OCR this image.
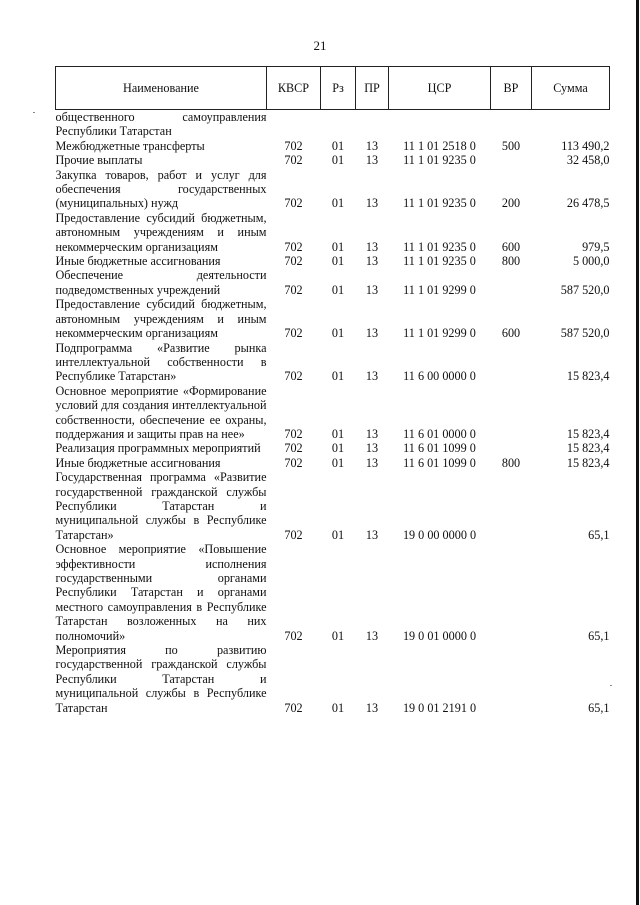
21
Наименование	КВСР	Рз	ПР	ЦСР	ВР	Сумма
общественного самоуправления Республики Татарстан						
Межбюджетные трансферты	702	01	13	11 1 01 2518 0	500	113 490,2
Прочие выплаты	702	01	13	11 1 01 9235 0		32 458,0
Закупка товаров, работ и услуг для обеспечения государственных (муниципальных) нужд	702	01	13	11 1 01 9235 0	200	26 478,5
Предоставление субсидий бюджетным, автономным учреждениям и иным некоммерческим организациям	702	01	13	11 1 01 9235 0	600	979,5
Иные бюджетные ассигнования	702	01	13	11 1 01 9235 0	800	5 000,0
Обеспечение деятельности подведомственных учреждений	702	01	13	11 1 01 9299 0		587 520,0
Предоставление субсидий бюджетным, автономным учреждениям и иным некоммерческим организациям	702	01	13	11 1 01 9299 0	600	587 520,0
Подпрограмма «Развитие рынка интеллектуальной собственности в Республике Татарстан»	702	01	13	11 6 00 0000 0		15 823,4
Основное мероприятие «Формирование условий для создания интеллектуальной собственности, обеспечение ее охраны, поддержания и защиты прав на нее»	702	01	13	11 6 01 0000 0		15 823,4
Реализация программных мероприятий	702	01	13	11 6 01 1099 0		15 823,4
Иные бюджетные ассигнования	702	01	13	11 6 01 1099 0	800	15 823,4
Государственная программа «Развитие государственной гражданской службы Республики Татарстан и муниципальной службы в Республике Татарстан»	702	01	13	19 0 00 0000 0		65,1
Основное мероприятие «Повышение эффективности исполнения государственными органами Республики Татарстан и органами местного самоуправления в Республике Татарстан возложенных на них полномочий»	702	01	13	19 0 01 0000 0		65,1
Мероприятия по развитию государственной гражданской службы Республики Татарстан и муниципальной службы в Республике Татарстан	702	01	13	19 0 01 2191 0		65,1
